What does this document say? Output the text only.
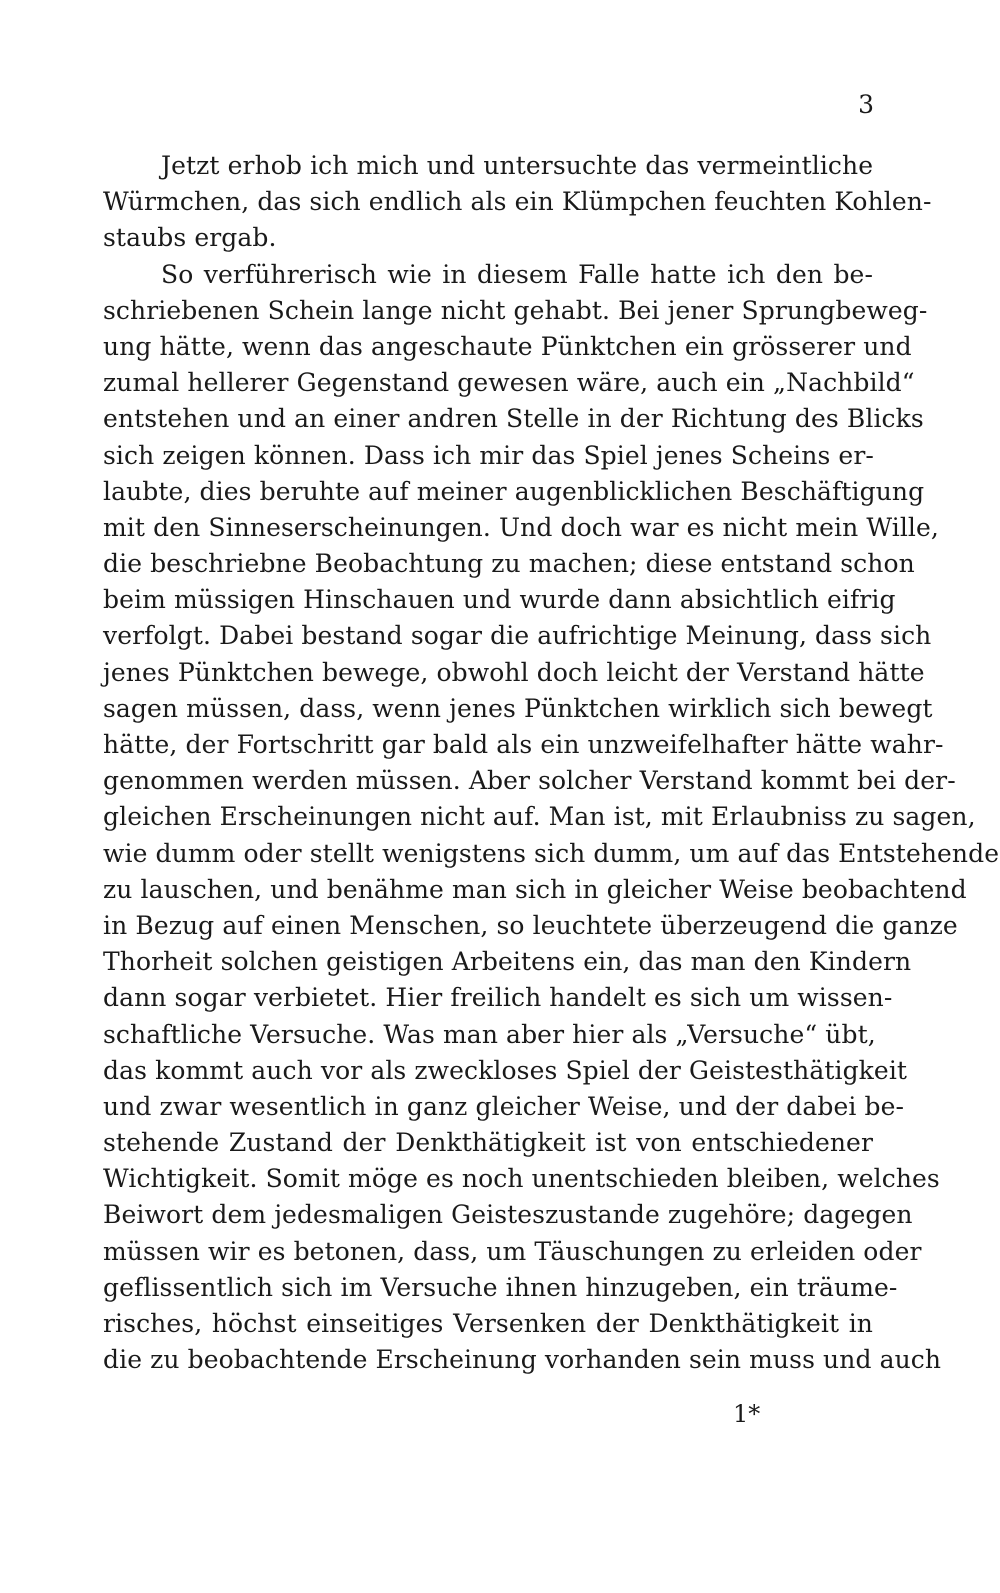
3
Jetzt erhob ich mich und untersuchte das vermeintliche
Würmchen, das sich endlich als ein Klümpchen feuchten Kohlen-
staubs ergab.
So verführerisch wie in diesem Falle hatte ich den be-
schriebenen Schein lange nicht gehabt. Bei jener Sprungbeweg-
ung hätte, wenn das angeschaute Pünktchen ein grösserer und
zumal hellerer Gegenstand gewesen wäre, auch ein „Nachbild“
entstehen und an einer andren Stelle in der Richtung des Blicks
sich zeigen können. Dass ich mir das Spiel jenes Scheins er-
laubte, dies beruhte auf meiner augenblicklichen Beschäftigung
mit den Sinneserscheinungen. Und doch war es nicht mein Wille,
die beschriebne Beobachtung zu machen; diese entstand schon
beim müssigen Hinschauen und wurde dann absichtlich eifrig
verfolgt. Dabei bestand sogar die aufrichtige Meinung, dass sich
jenes Pünktchen bewege, obwohl doch leicht der Verstand hätte
sagen müssen, dass, wenn jenes Pünktchen wirklich sich bewegt
hätte, der Fortschritt gar bald als ein unzweifelhafter hätte wahr-
genommen werden müssen. Aber solcher Verstand kommt bei der-
gleichen Erscheinungen nicht auf. Man ist, mit Erlaubniss zu sagen,
wie dumm oder stellt wenigstens sich dumm, um auf das Entstehende
zu lauschen, und benähme man sich in gleicher Weise beobachtend
in Bezug auf einen Menschen, so leuchtete überzeugend die ganze
Thorheit solchen geistigen Arbeitens ein, das man den Kindern
dann sogar verbietet. Hier freilich handelt es sich um wissen-
schaftliche Versuche. Was man aber hier als „Versuche“ übt,
das kommt auch vor als zweckloses Spiel der Geistesthätigkeit
und zwar wesentlich in ganz gleicher Weise, und der dabei be-
stehende Zustand der Denkthätigkeit ist von entschiedener
Wichtigkeit. Somit möge es noch unentschieden bleiben, welches
Beiwort dem jedesmaligen Geisteszustande zugehöre; dagegen
müssen wir es betonen, dass, um Täuschungen zu erleiden oder
geflissentlich sich im Versuche ihnen hinzugeben, ein träume-
risches, höchst einseitiges Versenken der Denkthätigkeit in
die zu beobachtende Erscheinung vorhanden sein muss und auch
1*
